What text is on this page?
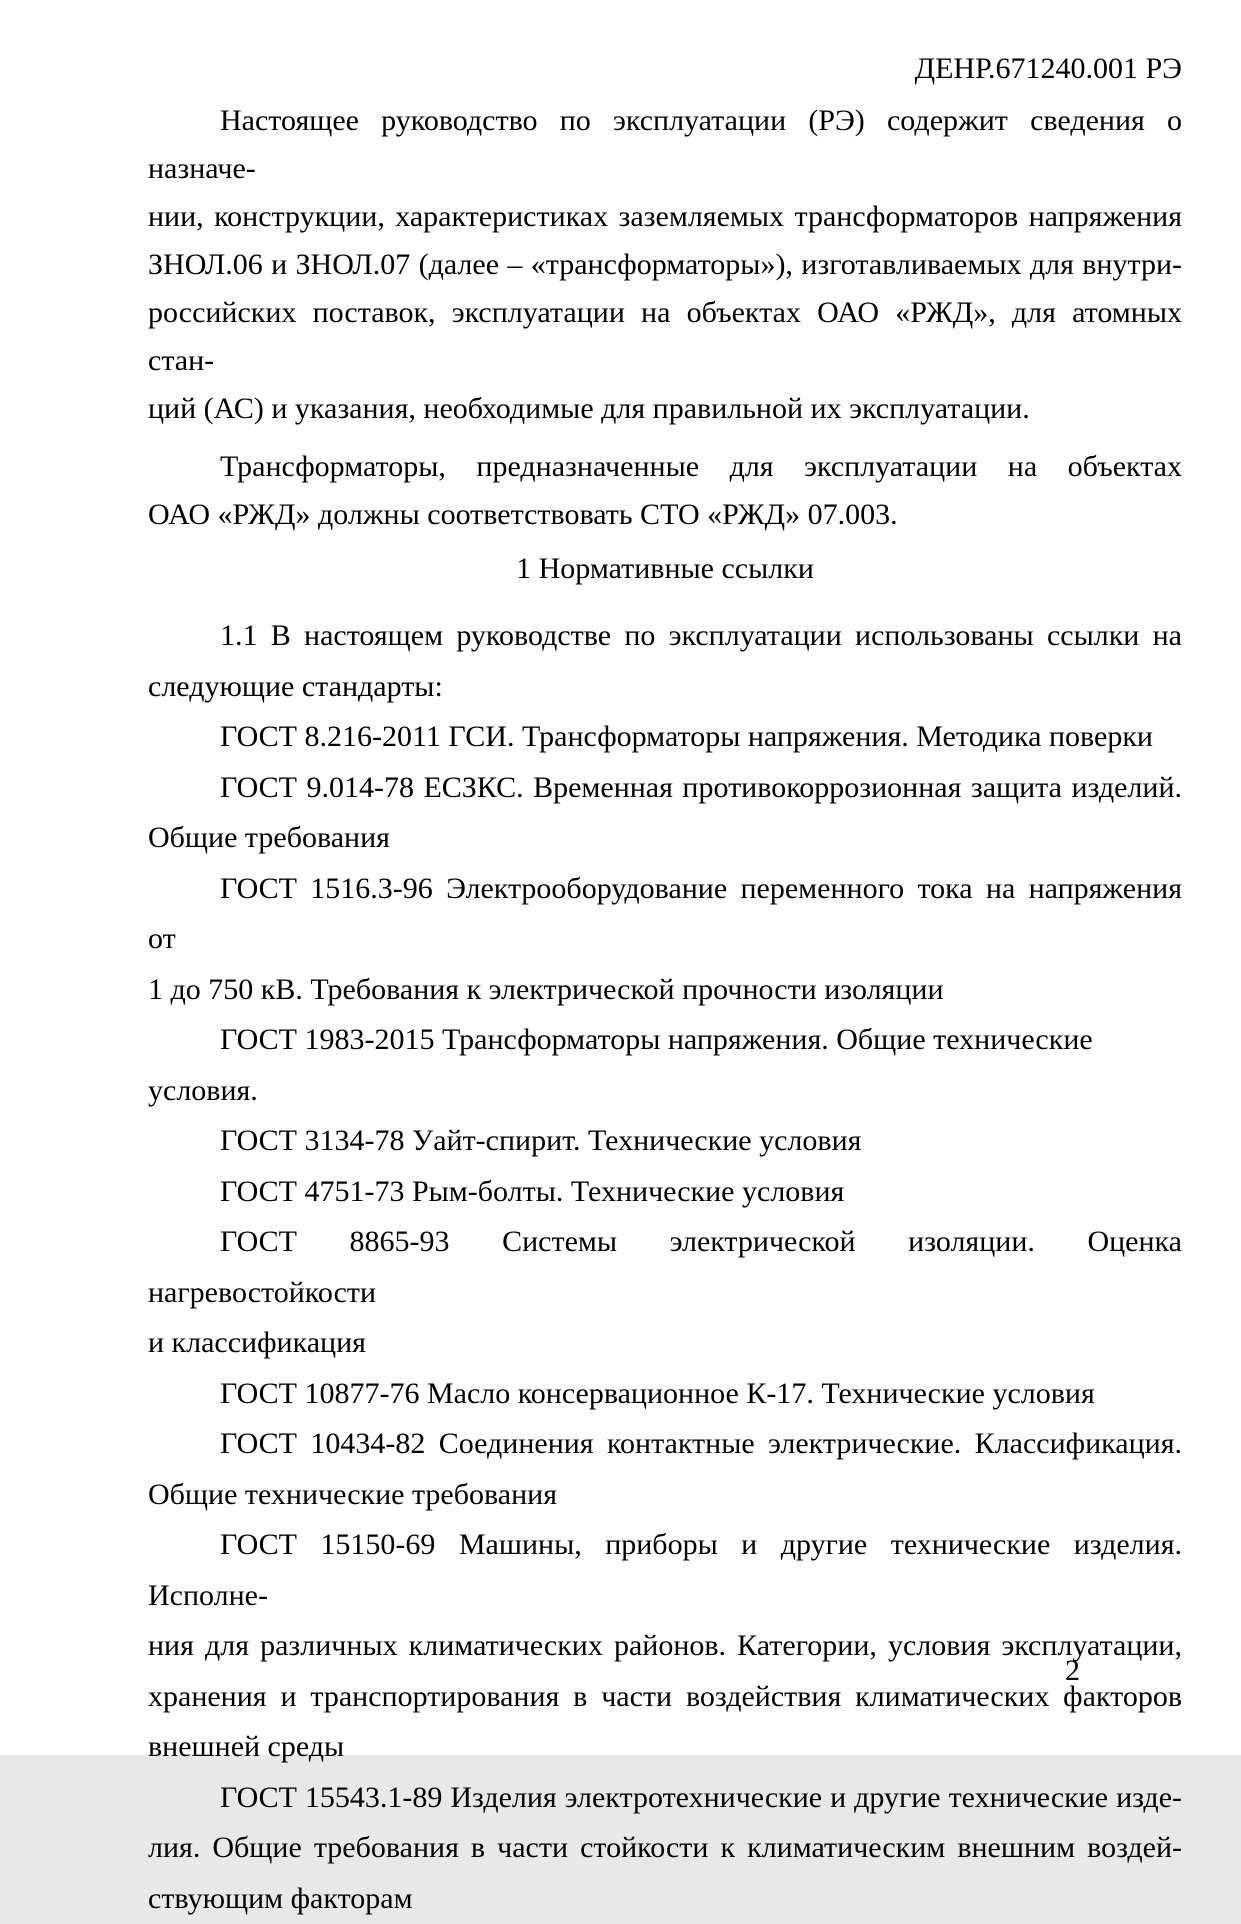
ДЕНР.671240.001 РЭ
Настоящее руководство по эксплуатации (РЭ) содержит сведения о назначе-
нии, конструкции, характеристиках заземляемых трансформаторов напряжения
ЗНОЛ.06 и ЗНОЛ.07 (далее – «трансформаторы»), изготавливаемых для внутри-
российских поставок, эксплуатации на объектах ОАО «РЖД», для атомных стан-
ций (АС) и указания, необходимые для правильной их эксплуатации.
Трансформаторы, предназначенные для эксплуатации на объектах
ОАО «РЖД» должны соответствовать СТО «РЖД» 07.003.
1 Нормативные ссылки
1.1 В настоящем руководстве по эксплуатации использованы ссылки на
следующие стандарты:
ГОСТ 8.216-2011 ГСИ. Трансформаторы напряжения. Методика поверки
ГОСТ 9.014-78 ЕСЗКС. Временная противокоррозионная защита изделий.
Общие требования
ГОСТ 1516.3-96 Электрооборудование переменного тока на напряжения от
1 до 750 кВ. Требования к электрической прочности изоляции
ГОСТ 1983-2015 Трансформаторы напряжения. Общие технические условия.
ГОСТ 3134-78 Уайт-спирит. Технические условия
ГОСТ 4751-73 Рым-болты. Технические условия
ГОСТ 8865-93 Системы электрической изоляции. Оценка нагревостойкости
и классификация
ГОСТ 10877-76 Масло консервационное К-17. Технические условия
ГОСТ 10434-82 Соединения контактные электрические. Классификация.
Общие технические требования
ГОСТ 15150-69 Машины, приборы и другие технические изделия. Исполне-
ния для различных климатических районов. Категории, условия эксплуатации,
хранения и транспортирования в части воздействия климатических факторов
внешней среды
ГОСТ 15543.1-89 Изделия электротехнические и другие технические изде-
лия. Общие требования в части стойкости к климатическим внешним воздей-
ствующим факторам
2
